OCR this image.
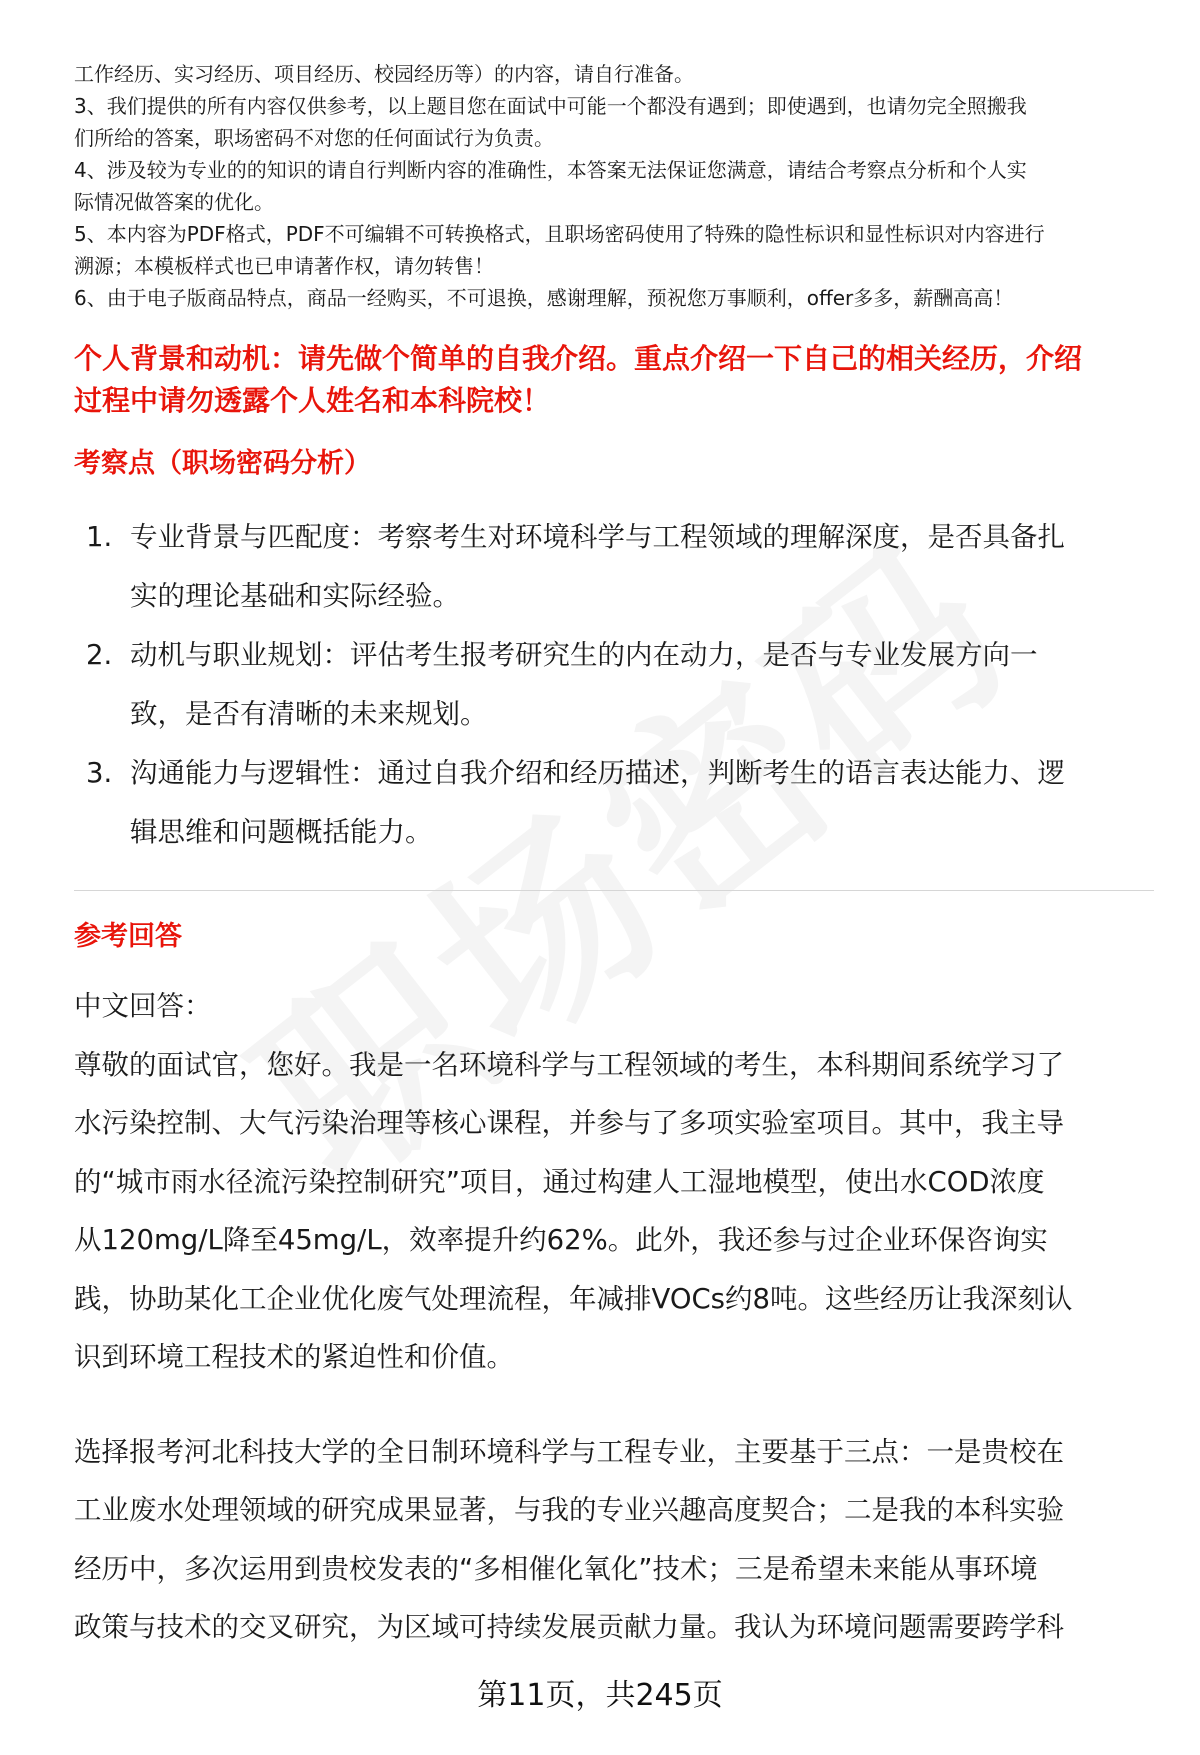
工作经历、实习经历、项目经历、校园经历等）的内容，请自行准备。

3、我们提供的所有内容仅供参考，以上题目您在面试中可能一个都没有遇到；即使遇到，也请勿完全照搬我

们所给的答案，职场密码不对您的任何面试行为负责。

4、涉及较为专业的的知识的请自行判断内容的准确性，本答案无法保证您满意，请结合考察点分析和个人实

际情况做答案的优化。

5、本内容为PDF格式，PDF不可编辑不可转换格式，且职场密码使用了特殊的隐性标识和显性标识对内容进行

溯源；本模板样式也已申请著作权，请勿转售！

6、由于电子版商品特点，商品一经购买，不可退换，感谢理解，预祝您万事顺利，offer多多，薪酬高高！

个人背景和动机：请先做个简单的自我介绍。重点介绍一下自己的相关经历，介绍
过程中请勿透露个人姓名和本科院校！
考察点（职场密码分析）
1. 专业背景与匹配度：考察考生对环境科学与工程领域的理解深度，是否具备扎
实的理论基础和实际经验。
2. 动机与职业规划：评估考生报考研究生的内在动力，是否与专业发展方向一
致，是否有清晰的未来规划。
3. 沟通能力与逻辑性：通过自我介绍和经历描述，判断考生的语言表达能力、逻
辑思维和问题概括能力。
参考回答

中文回答：

尊敬的面试官，您好。我是一名环境科学与工程领域的考生，本科期间系统学习了

水污染控制、大气污染治理等核心课程，并参与了多项实验室项目。其中，我主导

的“城市雨水径流污染控制研究”项目，通过构建人工湿地模型，使出水COD浓度

从120mg/L降至45mg/L，效率提升约62%。此外，我还参与过企业环保咨询实

践，协助某化工企业优化废气处理流程，年减排VOCs约8吨。这些经历让我深刻认

识到环境工程技术的紧迫性和价值。

选择报考河北科技大学的全日制环境科学与工程专业，主要基于三点：一是贵校在

工业废水处理领域的研究成果显著，与我的专业兴趣高度契合；二是我的本科实验

经历中，多次运用到贵校发表的“多相催化氧化”技术；三是希望未来能从事环境

政策与技术的交叉研究，为区域可持续发展贡献力量。我认为环境问题需要跨学科

第11页，共245页
